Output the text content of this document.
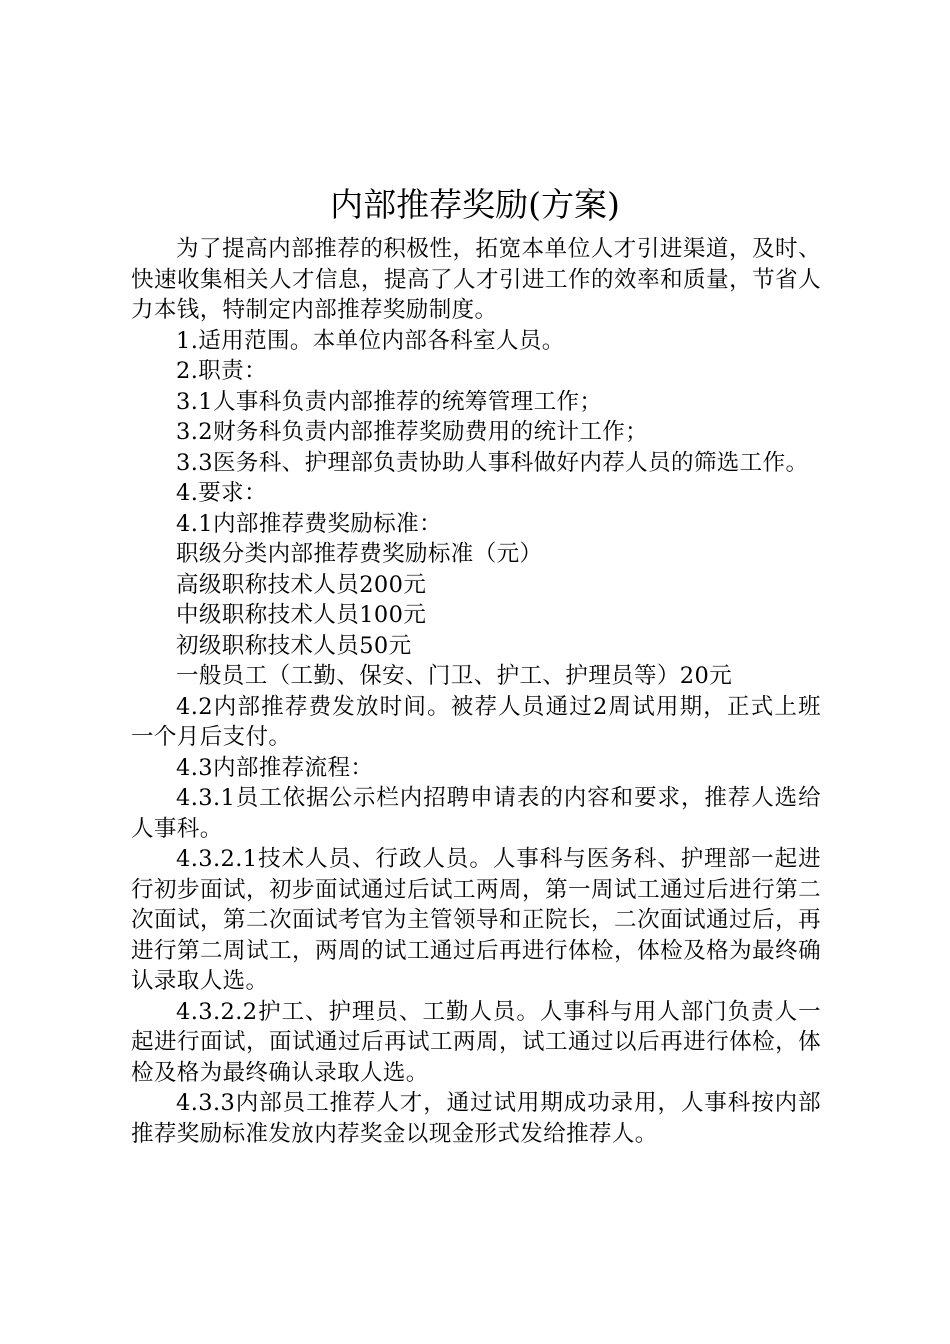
内部推荐奖励(方案)

为了提高内部推荐的积极性，拓宽本单位人才引进渠道，及时、快速收集相关人才信息，提高了人才引进工作的效率和质量，节省人力本钱，特制定内部推荐奖励制度。

1.适用范围。本单位内部各科室人员。

2.职责：

3.1人事科负责内部推荐的统筹管理工作；

3.2财务科负责内部推荐奖励费用的统计工作；

3.3医务科、护理部负责协助人事科做好内荐人员的筛选工作。

4.要求：

4.1内部推荐费奖励标准：

职级分类内部推荐费奖励标准（元）

高级职称技术人员200元

中级职称技术人员100元

初级职称技术人员50元

一般员工（工勤、保安、门卫、护工、护理员等）20元

4.2内部推荐费发放时间。被荐人员通过2周试用期，正式上班一个月后支付。

4.3内部推荐流程：

4.3.1员工依据公示栏内招聘申请表的内容和要求，推荐人选给人事科。

4.3.2.1技术人员、行政人员。人事科与医务科、护理部一起进行初步面试，初步面试通过后试工两周，第一周试工通过后进行第二次面试，第二次面试考官为主管领导和正院长，二次面试通过后，再进行第二周试工，两周的试工通过后再进行体检，体检及格为最终确认录取人选。

4.3.2.2护工、护理员、工勤人员。人事科与用人部门负责人一起进行面试，面试通过后再试工两周，试工通过以后再进行体检，体检及格为最终确认录取人选。

4.3.3内部员工推荐人才，通过试用期成功录用，人事科按内部推荐奖励标准发放内荐奖金以现金形式发给推荐人。
